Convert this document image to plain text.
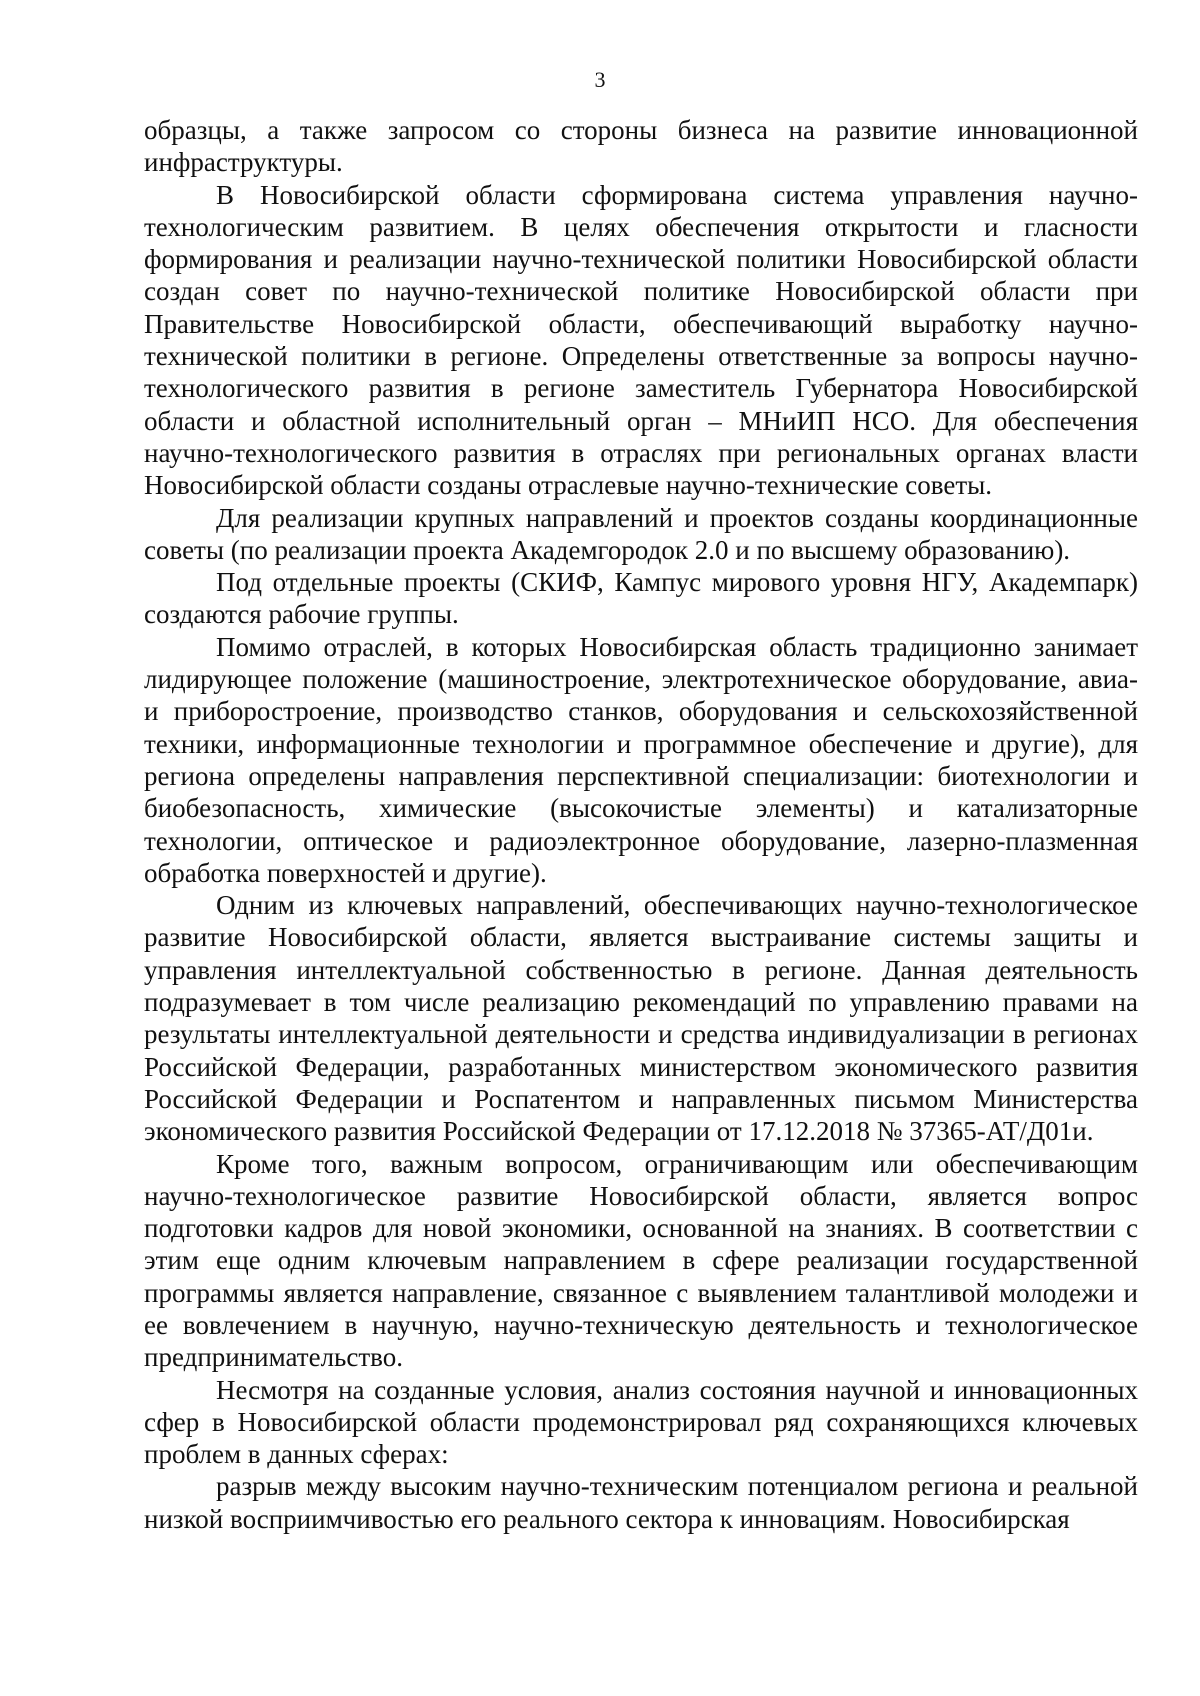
3

образцы, а также запросом со стороны бизнеса на развитие инновационной инфраструктуры.

В Новосибирской области сформирована система управления научно-технологическим развитием. В целях обеспечения открытости и гласности формирования и реализации научно-технической политики Новосибирской области создан совет по научно-технической политике Новосибирской области при Правительстве Новосибирской области, обеспечивающий выработку научно-технической политики в регионе. Определены ответственные за вопросы научно-технологического развития в регионе заместитель Губернатора Новосибирской области и областной исполнительный орган – МНиИП НСО. Для обеспечения научно-технологического развития в отраслях при региональных органах власти Новосибирской области созданы отраслевые научно-технические советы.

Для реализации крупных направлений и проектов созданы координационные советы (по реализации проекта Академгородок 2.0 и по высшему образованию).

Под отдельные проекты (СКИФ, Кампус мирового уровня НГУ, Академпарк) создаются рабочие группы.

Помимо отраслей, в которых Новосибирская область традиционно занимает лидирующее положение (машиностроение, электротехническое оборудование, авиа- и приборостроение, производство станков, оборудования и сельскохозяйственной техники, информационные технологии и программное обеспечение и другие), для региона определены направления перспективной специализации: биотехнологии и биобезопасность, химические (высокочистые элементы) и катализаторные технологии, оптическое и радиоэлектронное оборудование, лазерно-плазменная обработка поверхностей и другие).

Одним из ключевых направлений, обеспечивающих научно-технологическое развитие Новосибирской области, является выстраивание системы защиты и управления интеллектуальной собственностью в регионе. Данная деятельность подразумевает в том числе реализацию рекомендаций по управлению правами на результаты интеллектуальной деятельности и средства индивидуализации в регионах Российской Федерации, разработанных министерством экономического развития Российской Федерации и Роспатентом и направленных письмом Министерства экономического развития Российской Федерации от 17.12.2018 № 37365-АТ/Д01и.

Кроме того, важным вопросом, ограничивающим или обеспечивающим научно-технологическое развитие Новосибирской области, является вопрос подготовки кадров для новой экономики, основанной на знаниях. В соответствии с этим еще одним ключевым направлением в сфере реализации государственной программы является направление, связанное с выявлением талантливой молодежи и ее вовлечением в научную, научно-техническую деятельность и технологическое предпринимательство.

Несмотря на созданные условия, анализ состояния научной и инновационных сфер в Новосибирской области продемонстрировал ряд сохраняющихся ключевых проблем в данных сферах:

разрыв между высоким научно-техническим потенциалом региона и реальной низкой восприимчивостью его реального сектора к инновациям. Новосибирская
